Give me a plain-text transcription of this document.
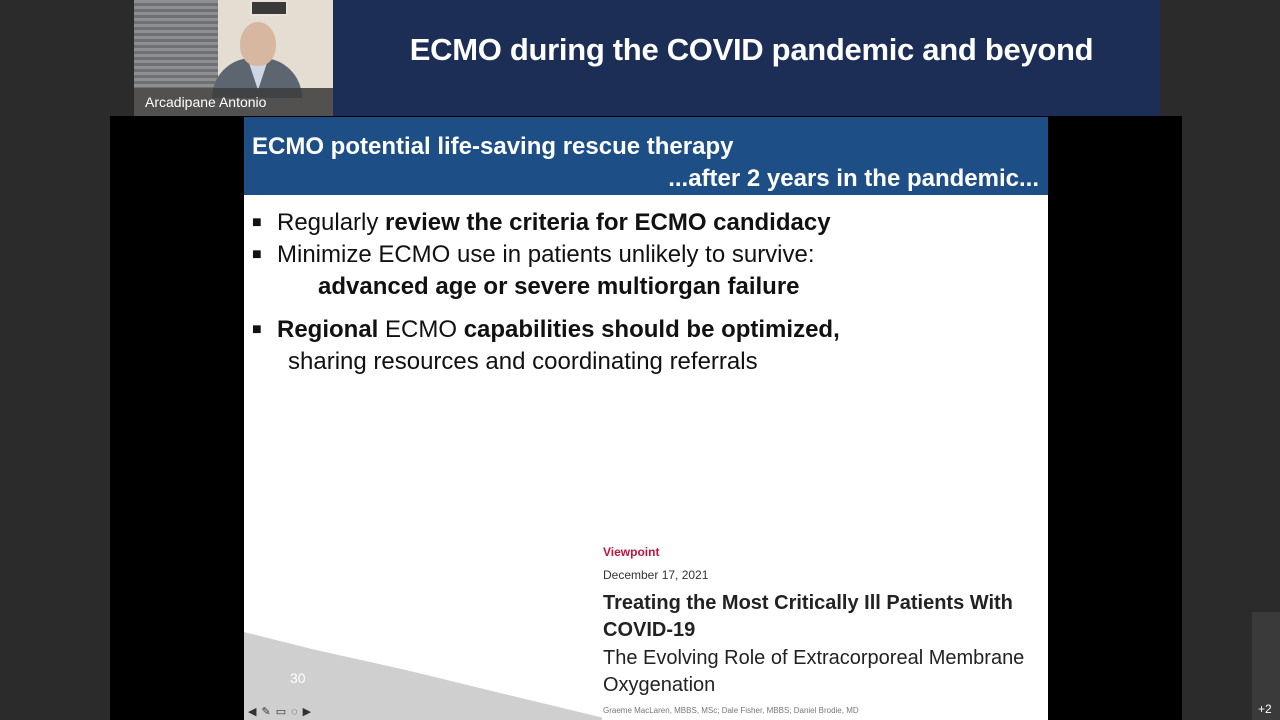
ECMO during the COVID pandemic and beyond
Arcadipane Antonio
ECMO potential life-saving rescue therapy
...after 2 years in the pandemic...
■ Regularly review the criteria for ECMO candidacy
■ Minimize ECMO use in patients unlikely to survive:
advanced age or severe multiorgan failure
■ Regional ECMO capabilities should be optimized,
sharing resources and coordinating referrals
30
Viewpoint
December 17, 2021
Treating the Most Critically Ill Patients With COVID-19
The Evolving Role of Extracorporeal Membrane Oxygenation
Graeme MacLaren, MBBS, MSc; Dale Fisher, MBBS; Daniel Brodie, MD
◀ ✎ ▭ ◌ ▶	+2
